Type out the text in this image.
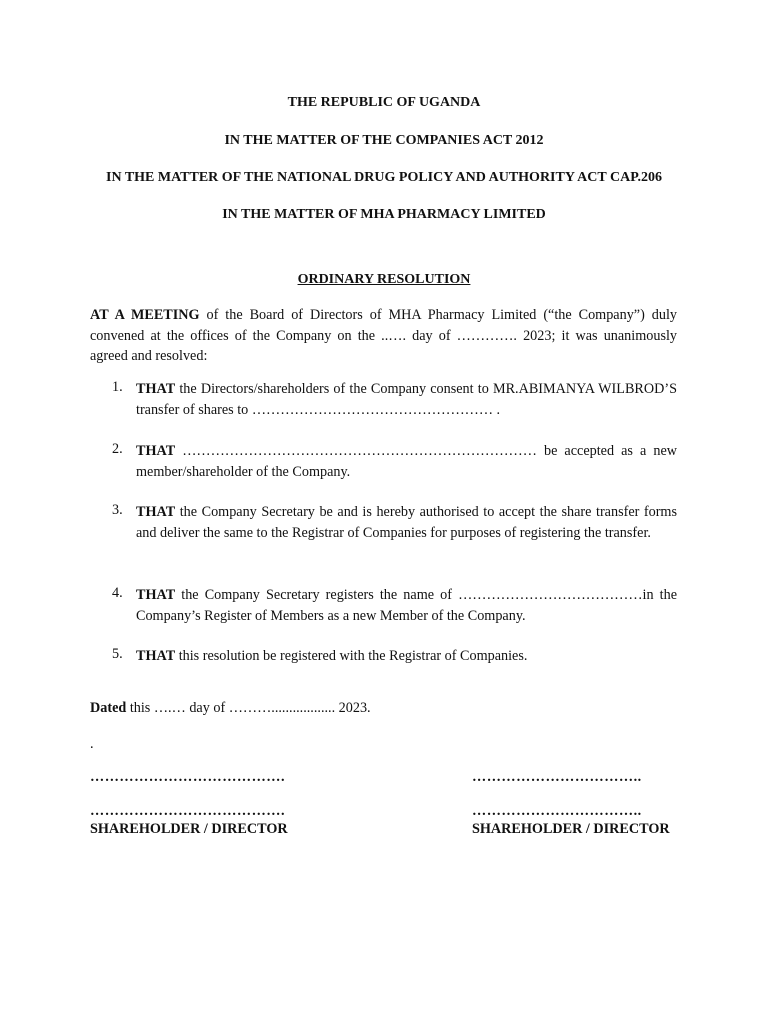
THE REPUBLIC OF UGANDA

IN THE MATTER OF THE COMPANIES ACT 2012

IN THE MATTER OF THE NATIONAL DRUG POLICY AND AUTHORITY ACT CAP.206

IN THE MATTER OF MHA PHARMACY LIMITED

ORDINARY RESOLUTION

AT A MEETING of the Board of Directors of MHA Pharmacy Limited (“the Company”) duly convened at the offices of the Company on the ..…. day of …………. 2023; it was unanimously agreed and resolved:

1. THAT the Directors/shareholders of the Company consent to MR.ABIMANYA WILBROD’S transfer of shares to …………………………………………… .
2. THAT ………………………………………………………………… be accepted as a new member/shareholder of the Company.
3. THAT the Company Secretary be and is hereby authorised to accept the share transfer forms and deliver the same to the Registrar of Companies for purposes of registering the transfer.
4. THAT the Company Secretary registers the name of …………………………………in the Company’s Register of Members as a new Member of the Company.
5. THAT this resolution be registered with the Registrar of Companies.

Dated this ….… day of ……….................. 2023.

.

………………………………….
………………………………….
SHAREHOLDER / DIRECTOR
……………………………..
……………………………..
SHAREHOLDER / DIRECTOR
